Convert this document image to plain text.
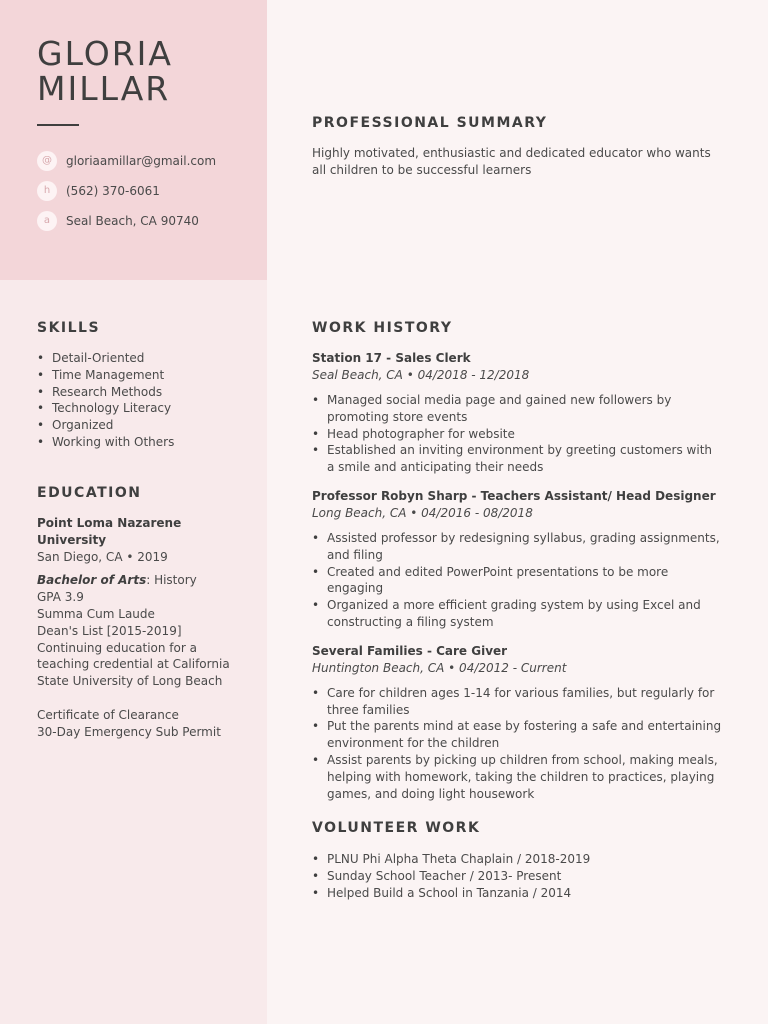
GLORIA
MILLAR
@	gloriaamillar@gmail.com
h	(562) 370-6061
a	Seal Beach, CA 90740
PROFESSIONAL SUMMARY

Highly motivated, enthusiastic and dedicated educator who wants all children to be successful learners

SKILLS
• Detail-Oriented
• Time Management
• Research Methods
• Technology Literacy
• Organized
• Working with Others
EDUCATION

Point Loma Nazarene University

San Diego, CA • 2019

Bachelor of Arts: History

GPA 3.9

Summa Cum Laude

Dean's List [2015-2019]

Continuing education for a teaching credential at California State University of Long Beach

Certificate of Clearance

30-Day Emergency Sub Permit

WORK HISTORY

Station 17 - Sales Clerk

Seal Beach, CA • 04/2018 - 12/2018

• Managed social media page and gained new followers by promoting store events
• Head photographer for website
• Established an inviting environment by greeting customers with a smile and anticipating their needs

Professor Robyn Sharp - Teachers Assistant/ Head Designer

Long Beach, CA • 04/2016 - 08/2018

• Assisted professor by redesigning syllabus, grading assignments, and filing
• Created and edited PowerPoint presentations to be more engaging
• Organized a more efficient grading system by using Excel and constructing a filing system

Several Families - Care Giver

Huntington Beach, CA • 04/2012 - Current

• Care for children ages 1-14 for various families, but regularly for three families
• Put the parents mind at ease by fostering a safe and entertaining environment for the children
• Assist parents by picking up children from school, making meals, helping with homework, taking the children to practices, playing games, and doing light housework
VOLUNTEER WORK
• PLNU Phi Alpha Theta Chaplain / 2018-2019
• Sunday School Teacher / 2013- Present
• Helped Build a School in Tanzania / 2014
